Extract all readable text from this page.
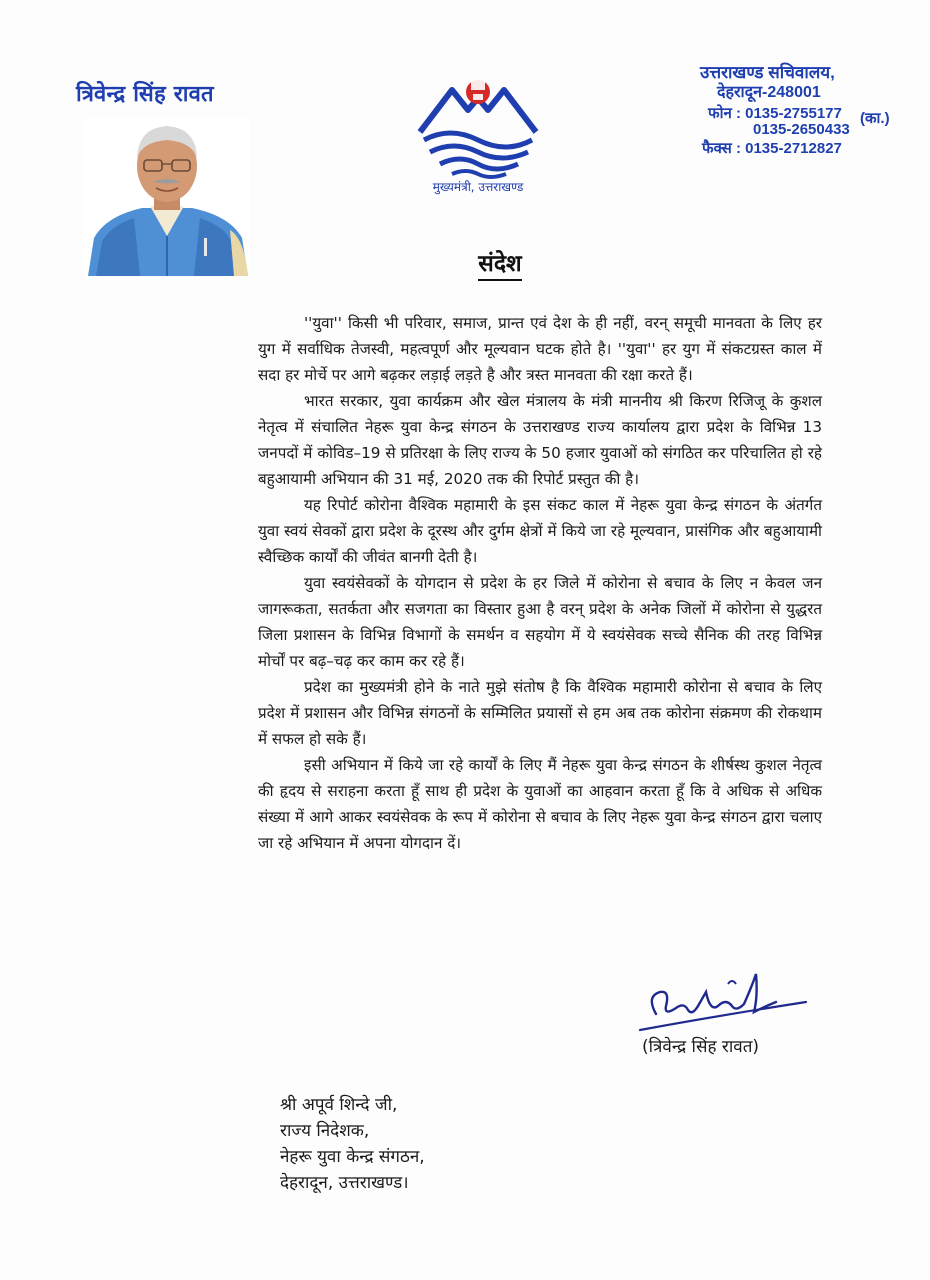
त्रिवेन्द्र सिंह रावत
मुख्यमंत्री, उत्तराखण्ड
उत्तराखण्ड सचिवालय,
देहरादून-248001
फोन : 0135-2755177 (का.)
0135-2650433
फैक्स : 0135-2712827
संदेश

''युवा'' किसी भी परिवार, समाज, प्रान्त एवं देश के ही नहीं, वरन् समूची मानवता के लिए हर युग में सर्वाधिक तेजस्वी, महत्वपूर्ण और मूल्यवान घटक होते है। ''युवा'' हर युग में संकटग्रस्त काल में सदा हर मोर्चे पर आगे बढ़कर लड़ाई लड़ते है और त्रस्त मानवता की रक्षा करते हैं।

भारत सरकार, युवा कार्यक्रम और खेल मंत्रालय के मंत्री माननीय श्री किरण रिजिजू के कुशल नेतृत्व में संचालित नेहरू युवा केन्द्र संगठन के उत्तराखण्ड राज्य कार्यालय द्वारा प्रदेश के विभिन्न 13 जनपदों में कोविड–19 से प्रतिरक्षा के लिए राज्य के 50 हजार युवाओं को संगठित कर परिचालित हो रहे बहुआयामी अभियान की 31 मई, 2020 तक की रिपोर्ट प्रस्तुत की है।

यह रिपोर्ट कोरोना वैश्विक महामारी के इस संकट काल में नेहरू युवा केन्द्र संगठन के अंतर्गत युवा स्वयं सेवकों द्वारा प्रदेश के दूरस्थ और दुर्गम क्षेत्रों में किये जा रहे मूल्यवान, प्रासंगिक और बहुआयामी स्वैच्छिक कार्यों की जीवंत बानगी देती है।

युवा स्वयंसेवकों के योगदान से प्रदेश के हर जिले में कोरोना से बचाव के लिए न केवल जन जागरूकता, सतर्कता और सजगता का विस्तार हुआ है वरन् प्रदेश के अनेक जिलों में कोरोना से युद्धरत जिला प्रशासन के विभिन्न विभागों के समर्थन व सहयोग में ये स्वयंसेवक सच्चे सैनिक की तरह विभिन्न मोर्चों पर बढ़–चढ़ कर काम कर रहे हैं।

प्रदेश का मुख्यमंत्री होने के नाते मुझे संतोष है कि वैश्विक महामारी कोरोना से बचाव के लिए प्रदेश में प्रशासन और विभिन्न संगठनों के सम्मिलित प्रयासों से हम अब तक कोरोना संक्रमण की रोकथाम में सफल हो सके हैं।

इसी अभियान में किये जा रहे कार्यों के लिए मैं नेहरू युवा केन्द्र संगठन के शीर्षस्थ कुशल नेतृत्व की हृदय से सराहना करता हूँ साथ ही प्रदेश के युवाओं का आहवान करता हूँ कि वे अधिक से अधिक संख्या में आगे आकर स्वयंसेवक के रूप में कोरोना से बचाव के लिए नेहरू युवा केन्द्र संगठन द्वारा चलाए जा रहे अभियान में अपना योगदान दें।

(त्रिवेन्द्र सिंह रावत)
श्री अपूर्व शिन्दे जी,
राज्य निदेशक,
नेहरू युवा केन्द्र संगठन,
देहरादून, उत्तराखण्ड।
